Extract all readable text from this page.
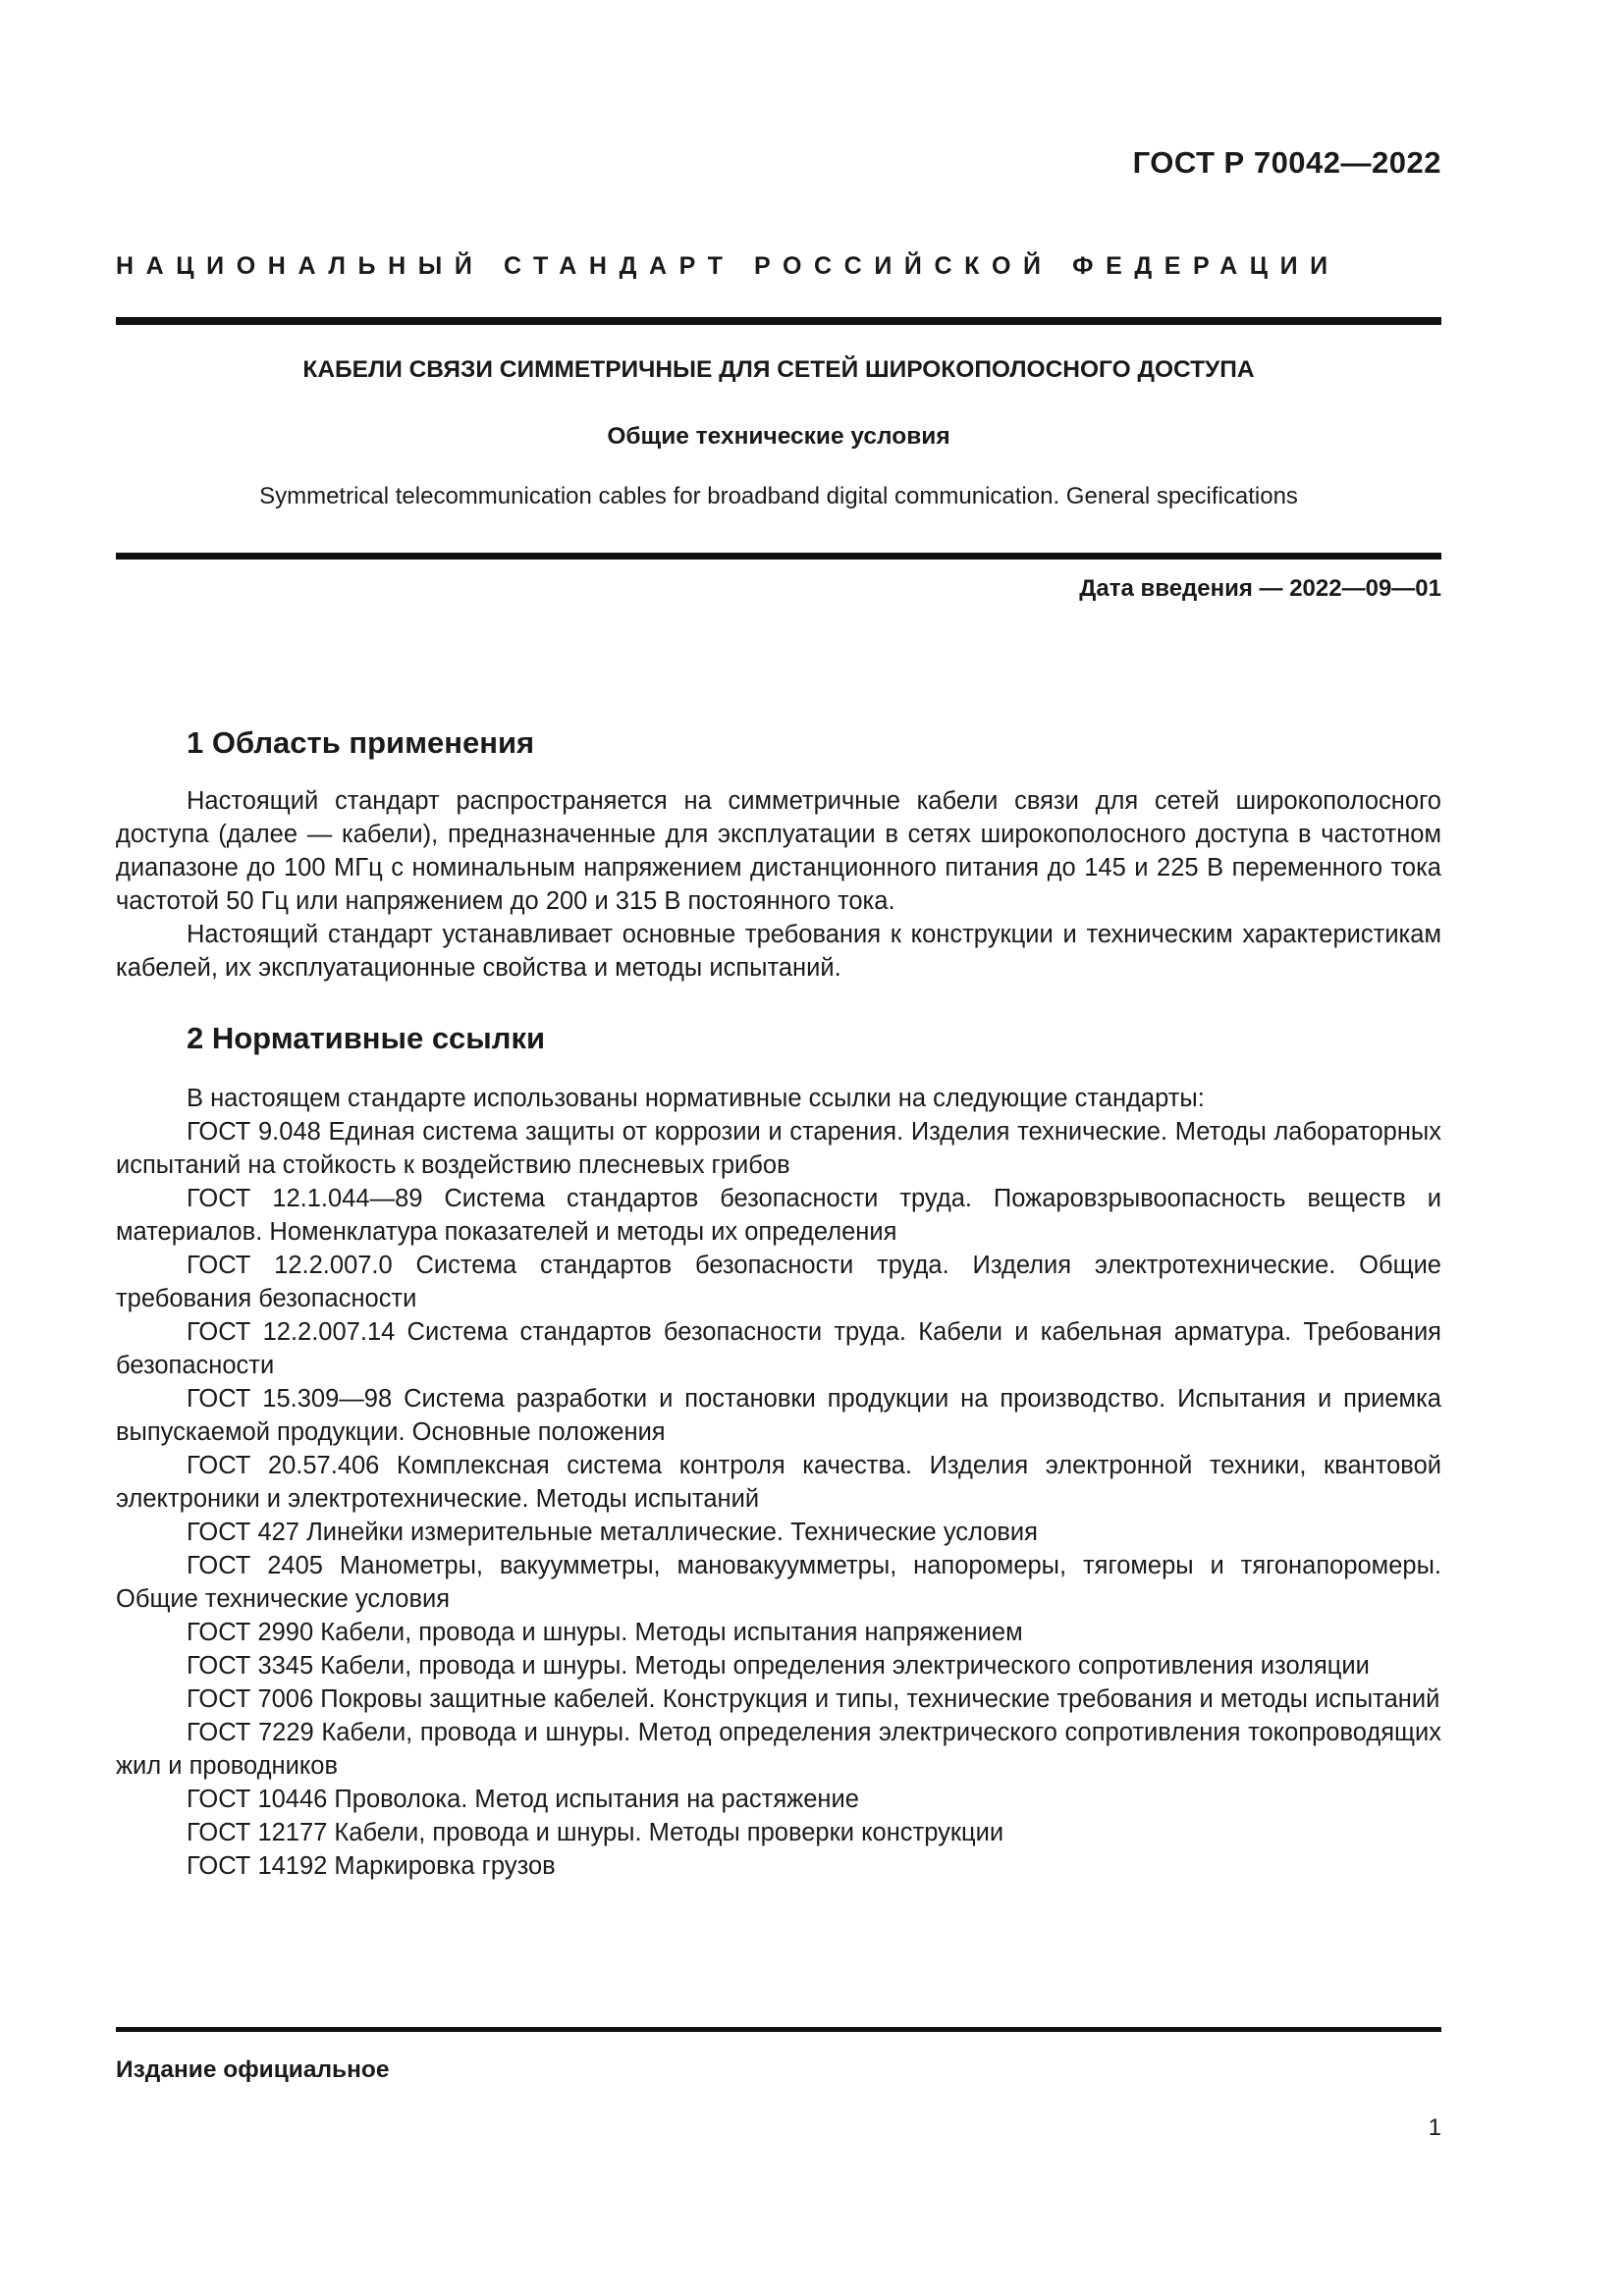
ГОСТ Р 70042—2022
НАЦИОНАЛЬНЫЙ СТАНДАРТ РОССИЙСКОЙ ФЕДЕРАЦИИ
КАБЕЛИ СВЯЗИ СИММЕТРИЧНЫЕ ДЛЯ СЕТЕЙ ШИРОКОПОЛОСНОГО ДОСТУПА
Общие технические условия
Symmetrical telecommunication cables for broadband digital communication. General specifications
Дата введения — 2022—09—01
1 Область применения

Настоящий стандарт распространяется на симметричные кабели связи для сетей широкополосного доступа (далее — кабели), предназначенные для эксплуатации в сетях широкополосного доступа в частотном диапазоне до 100 МГц с номинальным напряжением дистанционного питания до 145 и 225 В переменного тока частотой 50 Гц или напряжением до 200 и 315 В постоянного тока.

Настоящий стандарт устанавливает основные требования к конструкции и техническим характеристикам кабелей, их эксплуатационные свойства и методы испытаний.

2 Нормативные ссылки

В настоящем стандарте использованы нормативные ссылки на следующие стандарты:

ГОСТ 9.048 Единая система защиты от коррозии и старения. Изделия технические. Методы лабораторных испытаний на стойкость к воздействию плесневых грибов

ГОСТ 12.1.044—89 Система стандартов безопасности труда. Пожаровзрывоопасность веществ и материалов. Номенклатура показателей и методы их определения

ГОСТ 12.2.007.0 Система стандартов безопасности труда. Изделия электротехнические. Общие требования безопасности

ГОСТ 12.2.007.14 Система стандартов безопасности труда. Кабели и кабельная арматура. Требования безопасности

ГОСТ 15.309—98 Система разработки и постановки продукции на производство. Испытания и приемка выпускаемой продукции. Основные положения

ГОСТ 20.57.406 Комплексная система контроля качества. Изделия электронной техники, квантовой электроники и электротехнические. Методы испытаний

ГОСТ 427 Линейки измерительные металлические. Технические условия

ГОСТ 2405 Манометры, вакуумметры, мановакуумметры, напоромеры, тягомеры и тягонапоромеры. Общие технические условия

ГОСТ 2990 Кабели, провода и шнуры. Методы испытания напряжением

ГОСТ 3345 Кабели, провода и шнуры. Методы определения электрического сопротивления изоляции

ГОСТ 7006 Покровы защитные кабелей. Конструкция и типы, технические требования и методы испытаний

ГОСТ 7229 Кабели, провода и шнуры. Метод определения электрического сопротивления токопроводящих жил и проводников

ГОСТ 10446 Проволока. Метод испытания на растяжение

ГОСТ 12177 Кабели, провода и шнуры. Методы проверки конструкции

ГОСТ 14192 Маркировка грузов

Издание официальное
1
